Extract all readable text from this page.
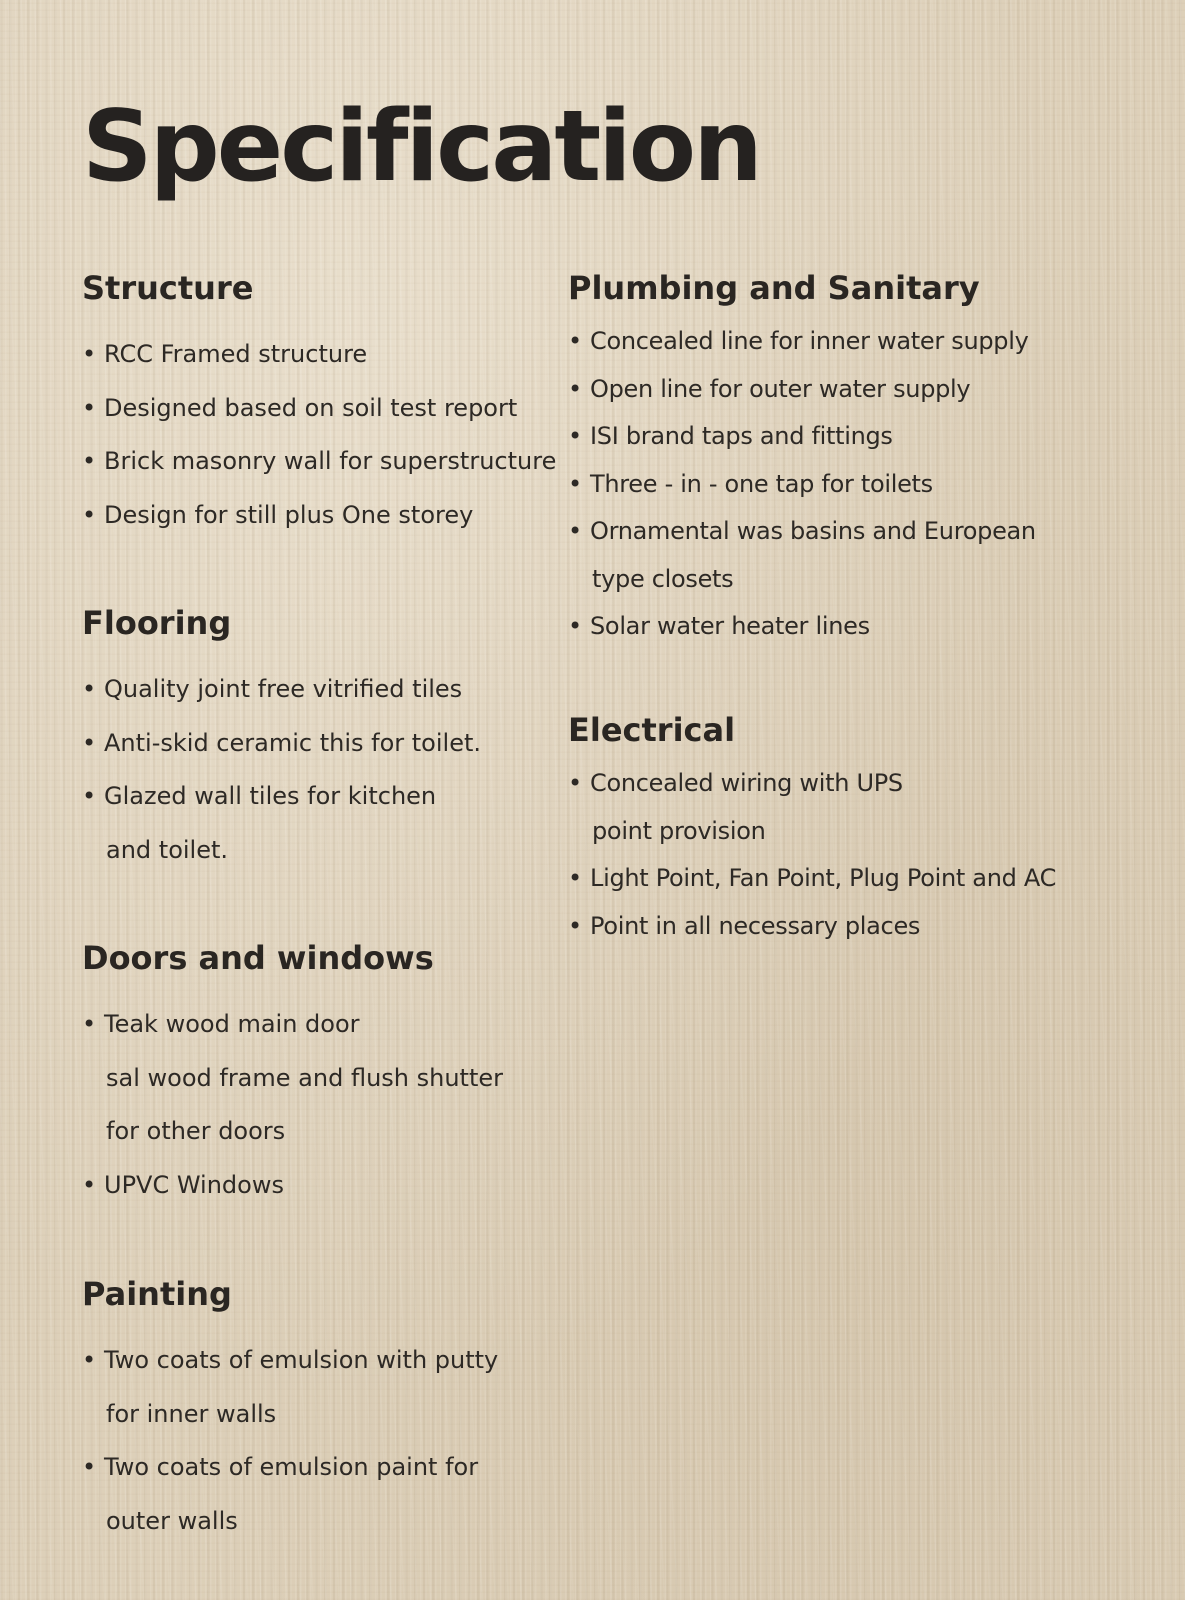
Specification
Structure
• RCC Framed structure
• Designed based on soil test report
• Brick masonry wall for superstructure
• Design for still plus One storey
Flooring
• Quality joint free vitrified tiles
• Anti-skid ceramic this for toilet.
• Glazed wall tiles for kitchen
and toilet.
Doors and windows
• Teak wood main door
sal wood frame and flush shutter
for other doors
• UPVC Windows
Painting
• Two coats of emulsion with putty
for inner walls
• Two coats of emulsion paint for
outer walls
Plumbing and Sanitary
• Concealed line for inner water supply
• Open line for outer water supply
• ISI brand taps and fittings
• Three - in - one tap for toilets
• Ornamental was basins and European
type closets
• Solar water heater lines
Electrical
• Concealed wiring with UPS
point provision
• Light Point, Fan Point, Plug Point and AC
• Point in all necessary places
